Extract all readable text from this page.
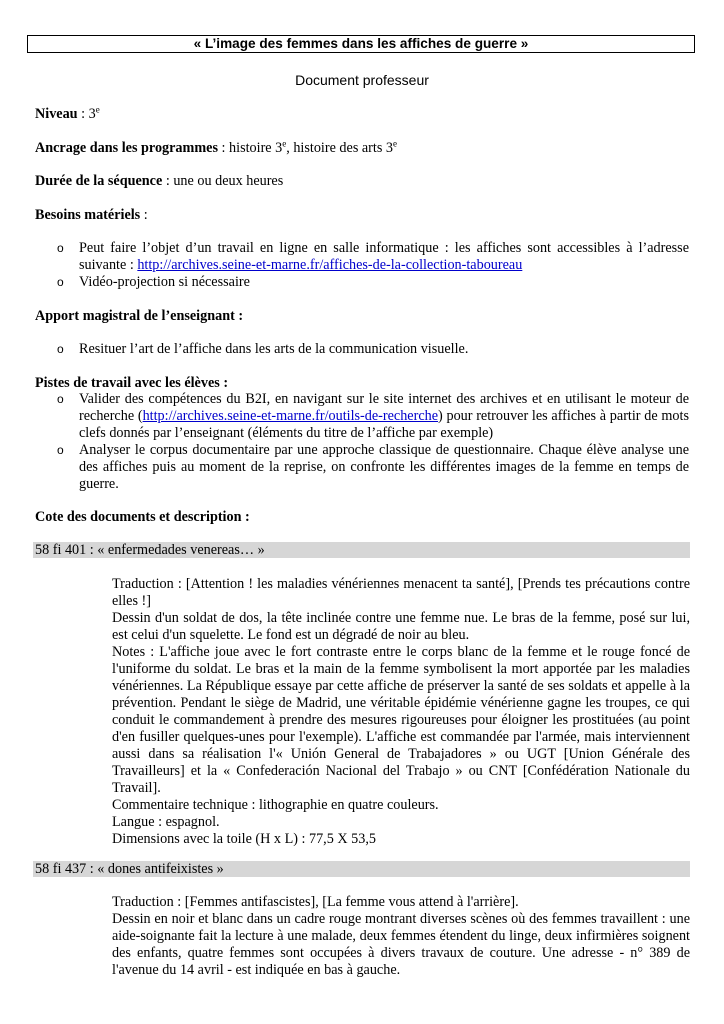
« L’image des femmes dans les affiches de guerre »
Document professeur
Niveau : 3e
Ancrage dans les programmes : histoire 3e, histoire des arts 3e
Durée de la séquence : une ou deux heures
Besoins matériels :
o Peut faire l’objet d’un travail en ligne en salle informatique : les affiches sont accessibles à l’adresse suivante : http://archives.seine-et-marne.fr/affiches-de-la-collection-taboureau
o Vidéo-projection si nécessaire
Apport magistral de l’enseignant :
o Resituer l’art de l’affiche dans les arts de la communication visuelle.
Pistes de travail avec les élèves :
o Valider des compétences du B2I, en navigant sur le site internet des archives et en utilisant le moteur de recherche (http://archives.seine-et-marne.fr/outils-de-recherche) pour retrouver les affiches à partir de mots clefs donnés par l’enseignant (éléments du titre de l’affiche par exemple)
o Analyser le corpus documentaire par une approche classique de questionnaire. Chaque élève analyse une des affiches puis au moment de la reprise, on confronte les différentes images de la femme en temps de guerre.
Cote des documents et description :
58 fi 401 : « enfermedades venereas… »

Traduction : [Attention ! les maladies vénériennes menacent ta santé], [Prends tes précautions contre elles !]

Dessin d'un soldat de dos, la tête inclinée contre une femme nue. Le bras de la femme, posé sur lui, est celui d'un squelette. Le fond est un dégradé de noir au bleu.

Notes : L'affiche joue avec le fort contraste entre le corps blanc de la femme et le rouge foncé de l'uniforme du soldat. Le bras et la main de la femme symbolisent la mort apportée par les maladies vénériennes. La République essaye par cette affiche de préserver la santé de ses soldats et appelle à la prévention. Pendant le siège de Madrid, une véritable épidémie vénérienne gagne les troupes, ce qui conduit le commandement à prendre des mesures rigoureuses pour éloigner les prostituées (au point d'en fusiller quelques-unes pour l'exemple). L'affiche est commandée par l'armée, mais interviennent aussi dans sa réalisation l'« Unión General de Trabajadores » ou UGT [Union Générale des Travailleurs] et la « Confederación Nacional del Trabajo » ou CNT [Confédération Nationale du Travail].

Commentaire technique : lithographie en quatre couleurs.

Langue : espagnol.

Dimensions avec la toile (H x L) : 77,5 X 53,5

58 fi 437 : « dones antifeixistes »

Traduction : [Femmes antifascistes], [La femme vous attend à l'arrière].

Dessin en noir et blanc dans un cadre rouge montrant diverses scènes où des femmes travaillent : une aide-soignante fait la lecture à une malade, deux femmes étendent du linge, deux infirmières soignent des enfants, quatre femmes sont occupées à divers travaux de couture. Une adresse - n° 389 de l'avenue du 14 avril - est indiquée en bas à gauche.
